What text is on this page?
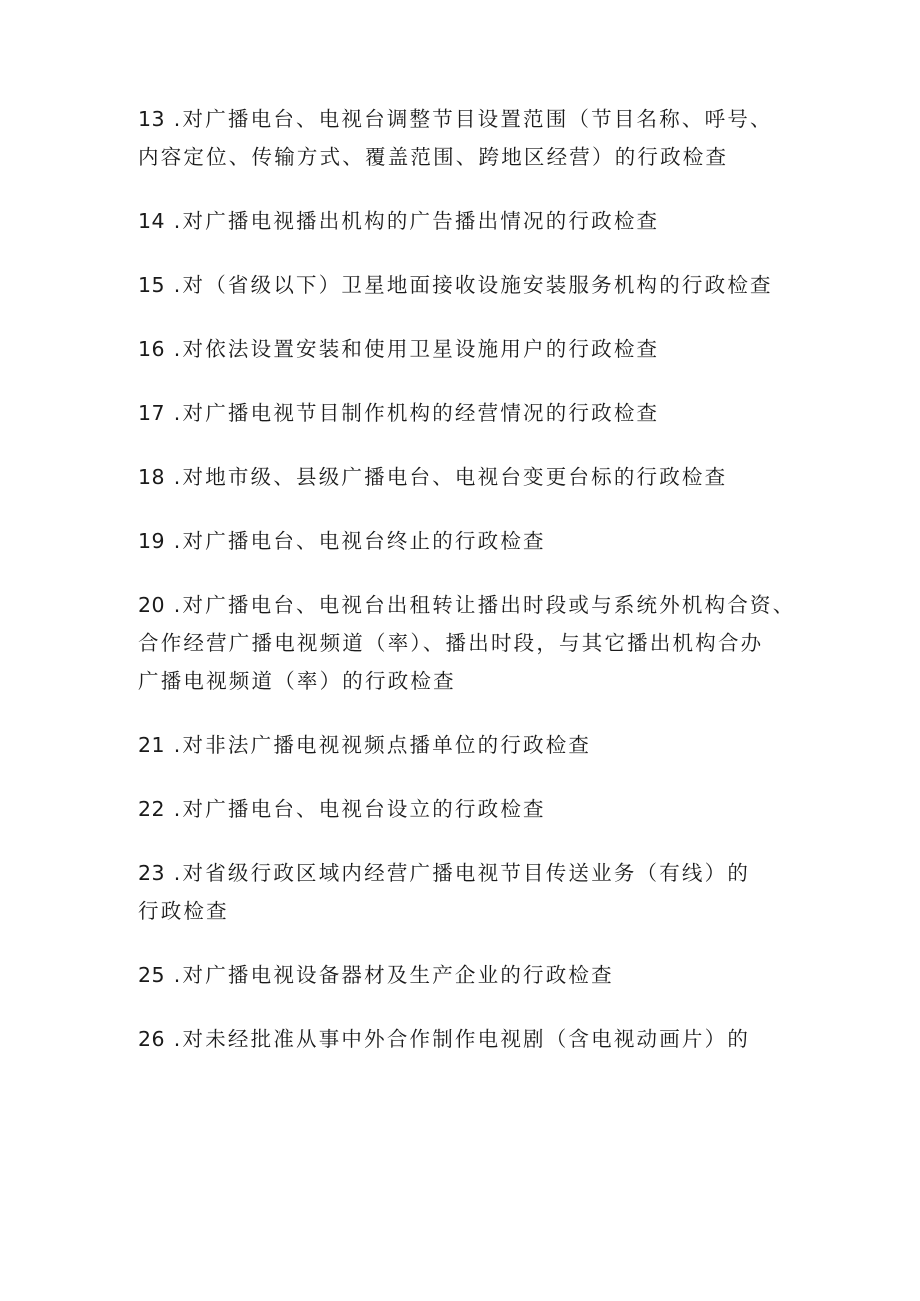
13 .对广播电台、电视台调整节目设置范围（节目名称、呼号、
内容定位、传输方式、覆盖范围、跨地区经营）的行政检查
14 .对广播电视播出机构的广告播出情况的行政检查
15 .对（省级以下）卫星地面接收设施安装服务机构的行政检查
16 .对依法设置安装和使用卫星设施用户的行政检查
17 .对广播电视节目制作机构的经营情况的行政检查
18 .对地市级、县级广播电台、电视台变更台标的行政检查
19 .对广播电台、电视台终止的行政检查
20 .对广播电台、电视台出租转让播出时段或与系统外机构合资、
合作经营广播电视频道（率）、播出时段，与其它播出机构合办
广播电视频道（率）的行政检查
21 .对非法广播电视视频点播单位的行政检查
22 .对广播电台、电视台设立的行政检查
23 .对省级行政区域内经营广播电视节目传送业务（有线）的
行政检查
25 .对广播电视设备器材及生产企业的行政检查
26 .对未经批准从事中外合作制作电视剧（含电视动画片）的
